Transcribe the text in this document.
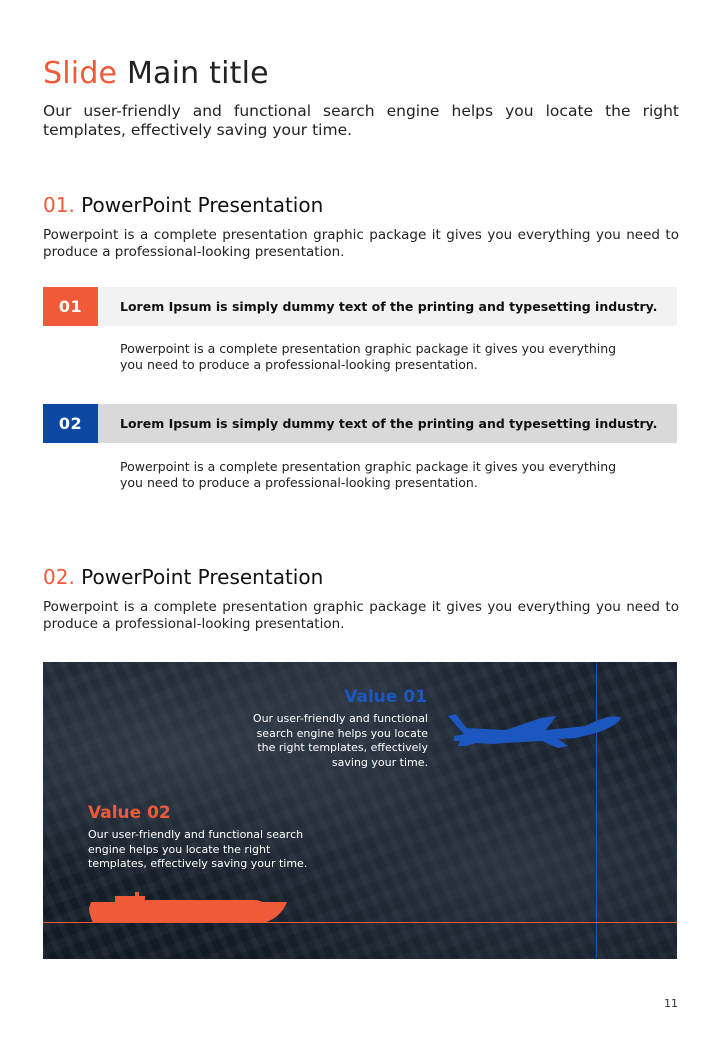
Slide Main title

Our user-friendly and functional search engine helps you locate the right templates, effectively saving your time.

01. PowerPoint Presentation

Powerpoint is a complete presentation graphic package it gives you everything you need to produce a professional-looking presentation.

01	Lorem Ipsum is simply dummy text of the printing and typesetting industry.

Powerpoint is a complete presentation graphic package it gives you everything you need to produce a professional-looking presentation.

02	Lorem Ipsum is simply dummy text of the printing and typesetting industry.

Powerpoint is a complete presentation graphic package it gives you everything you need to produce a professional-looking presentation.

02. PowerPoint Presentation

Powerpoint is a complete presentation graphic package it gives you everything you need to produce a professional-looking presentation.

Value 01

Our user-friendly and functional search engine helps you locate the right templates, effectively saving your time.

Value 02

Our user-friendly and functional search engine helps you locate the right templates, effectively saving your time.

11
